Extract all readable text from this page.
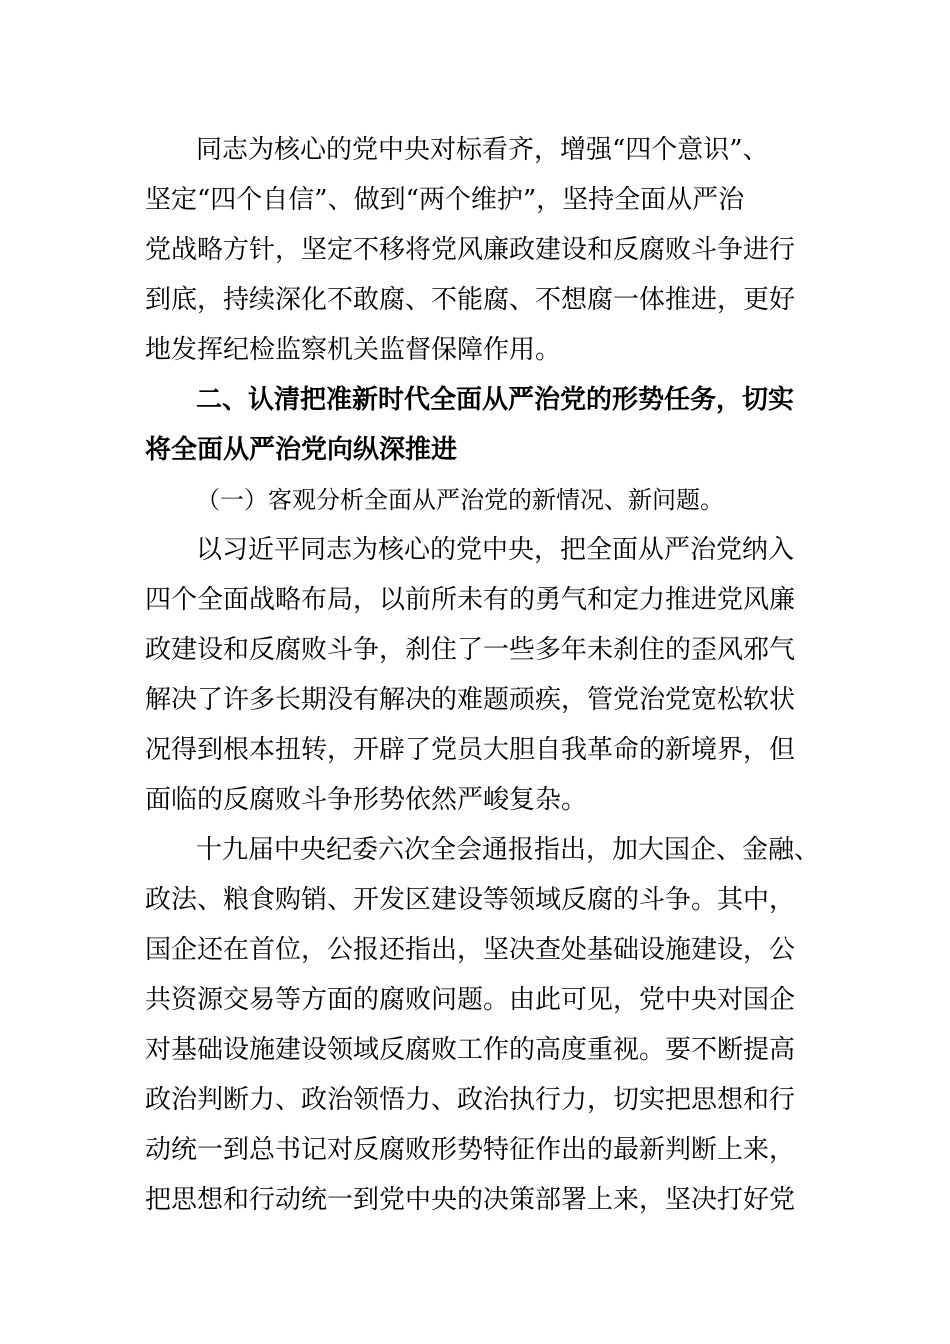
同志为核心的党中央对标看齐，增强“四个意识”、
坚定“四个自信”、做到“两个维护”，坚持全面从严治
党战略方针，坚定不移将党风廉政建设和反腐败斗争进行
到底，持续深化不敢腐、不能腐、不想腐一体推进，更好
地发挥纪检监察机关监督保障作用。
二、认清把准新时代全面从严治党的形势任务，切实
将全面从严治党向纵深推进
（一）客观分析全面从严治党的新情况、新问题。
以习近平同志为核心的党中央，把全面从严治党纳入
四个全面战略布局，以前所未有的勇气和定力推进党风廉
政建设和反腐败斗争，刹住了一些多年未刹住的歪风邪气
解决了许多长期没有解决的难题顽疾，管党治党宽松软状
况得到根本扭转，开辟了党员大胆自我革命的新境界，但
面临的反腐败斗争形势依然严峻复杂。
十九届中央纪委六次全会通报指出，加大国企、金融、
政法、粮食购销、开发区建设等领域反腐的斗争。其中，
国企还在首位，公报还指出，坚决查处基础设施建设，公
共资源交易等方面的腐败问题。由此可见，党中央对国企
对基础设施建设领域反腐败工作的高度重视。要不断提高
政治判断力、政治领悟力、政治执行力，切实把思想和行
动统一到总书记对反腐败形势特征作出的最新判断上来，
把思想和行动统一到党中央的决策部署上来，坚决打好党
